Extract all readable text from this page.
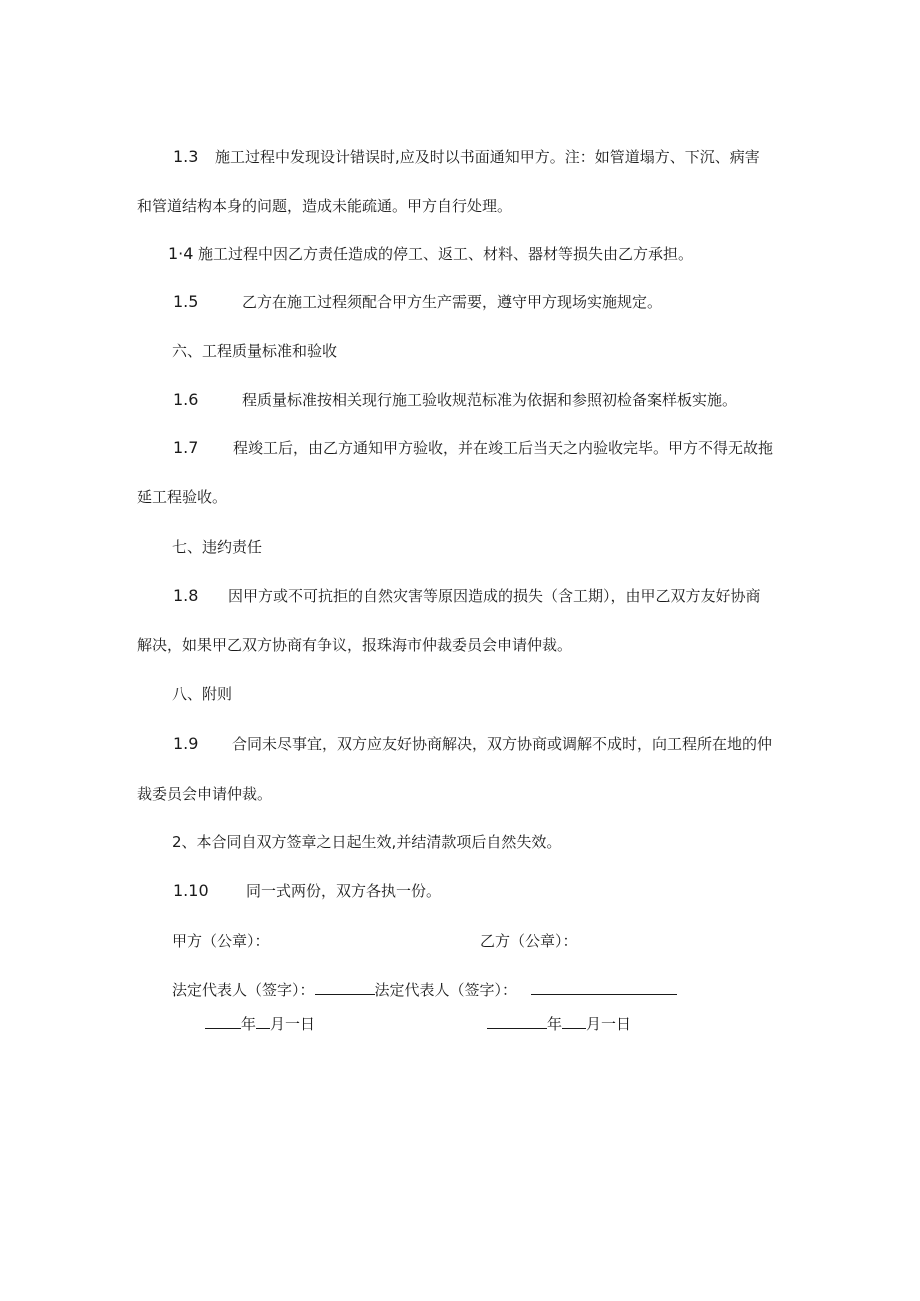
1.3 施工过程中发现设计错误时,应及时以书面通知甲方。注：如管道塌方、下沉、病害
和管道结构本身的问题，造成未能疏通。甲方自行处理。
1·4 施工过程中因乙方责任造成的停工、返工、材料、器材等损失由乙方承担。
1.5	乙方在施工过程须配合甲方生产需要，遵守甲方现场实施规定。
六、工程质量标准和验收
1.6	程质量标准按相关现行施工验收规范标准为依据和参照初检备案样板实施。
1.7 程竣工后，由乙方通知甲方验收，并在竣工后当天之内验收完毕。甲方不得无故拖
延工程验收。
七、违约责任
1.8 因甲方或不可抗拒的自然灾害等原因造成的损失（含工期），由甲乙双方友好协商
解决，如果甲乙双方协商有争议，报珠海市仲裁委员会申请仲裁。
八、附则
1.9 合同未尽事宜，双方应友好协商解决，双方协商或调解不成时，向工程所在地的仲
裁委员会申请仲裁。
2、本合同自双方签章之日起生效,并结清款项后自然失效。
1.10 同一式两份，双方各执一份。
甲方（公章）：	乙方（公章）：
法定代表人（签字）：	法定代表人（签字）：
年 月一日	年 月一日
